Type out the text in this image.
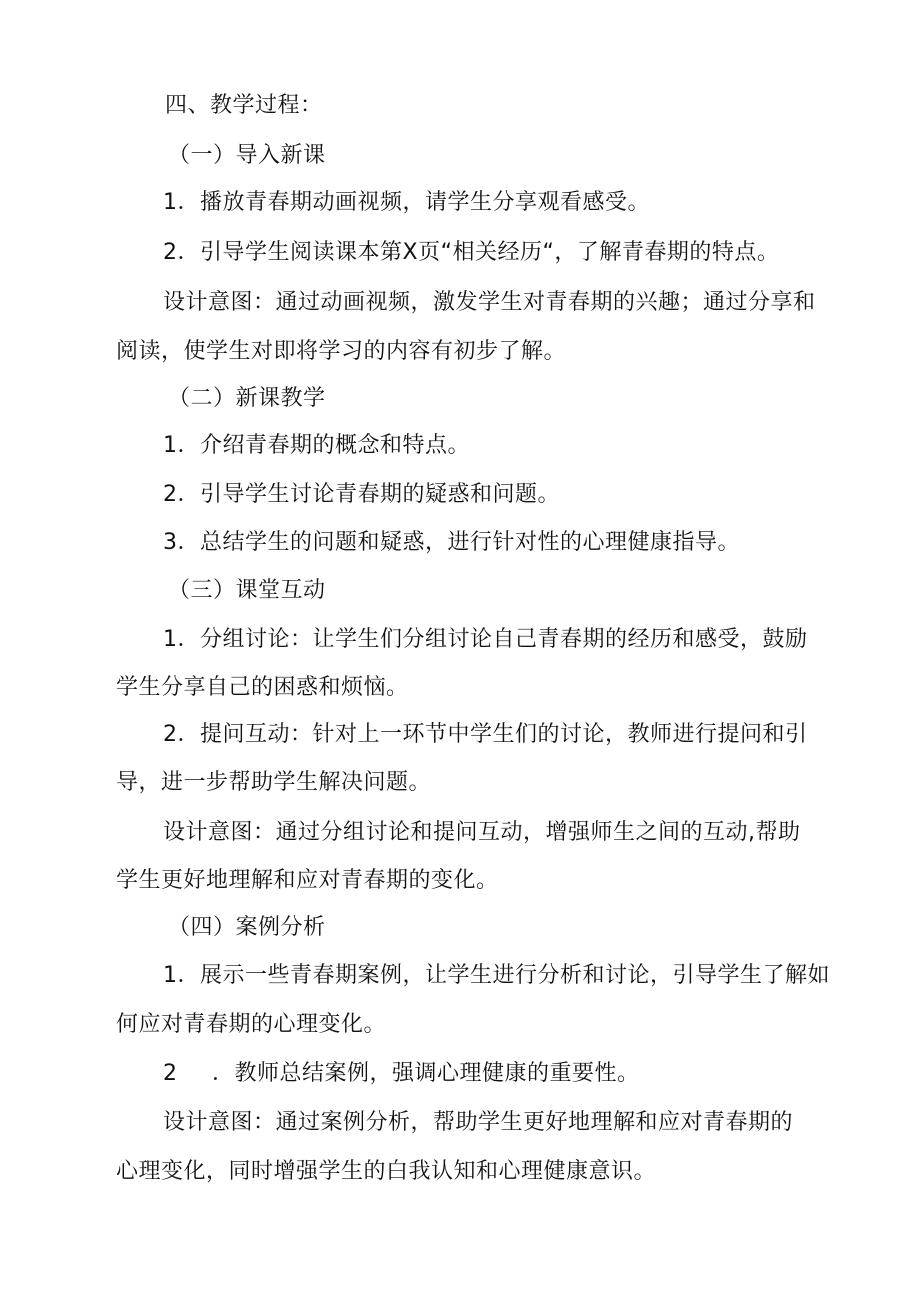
四、教学过程：
（一）导入新课
1．播放青春期动画视频，请学生分享观看感受。
2．引导学生阅读课本第X页“相关经历“，了解青春期的特点。
设计意图：通过动画视频，激发学生对青春期的兴趣；通过分享和
阅读，使学生对即将学习的内容有初步了解。
（二）新课教学
1．介绍青春期的概念和特点。
2．引导学生讨论青春期的疑惑和问题。
3．总结学生的问题和疑惑，进行针对性的心理健康指导。
（三）课堂互动
1．分组讨论：让学生们分组讨论自己青春期的经历和感受，鼓励
学生分享自己的困惑和烦恼。
2．提问互动：针对上一环节中学生们的讨论，教师进行提问和引
导，进一步帮助学生解决问题。
设计意图：通过分组讨论和提问互动，增强师生之间的互动,帮助
学生更好地理解和应对青春期的变化。
（四）案例分析
1．展示一些青春期案例，让学生进行分析和讨论，引导学生了解如
何应对青春期的心理变化。
2 ．教师总结案例，强调心理健康的重要性。
设计意图：通过案例分析，帮助学生更好地理解和应对青春期的
心理变化，同时增强学生的白我认知和心理健康意识。
